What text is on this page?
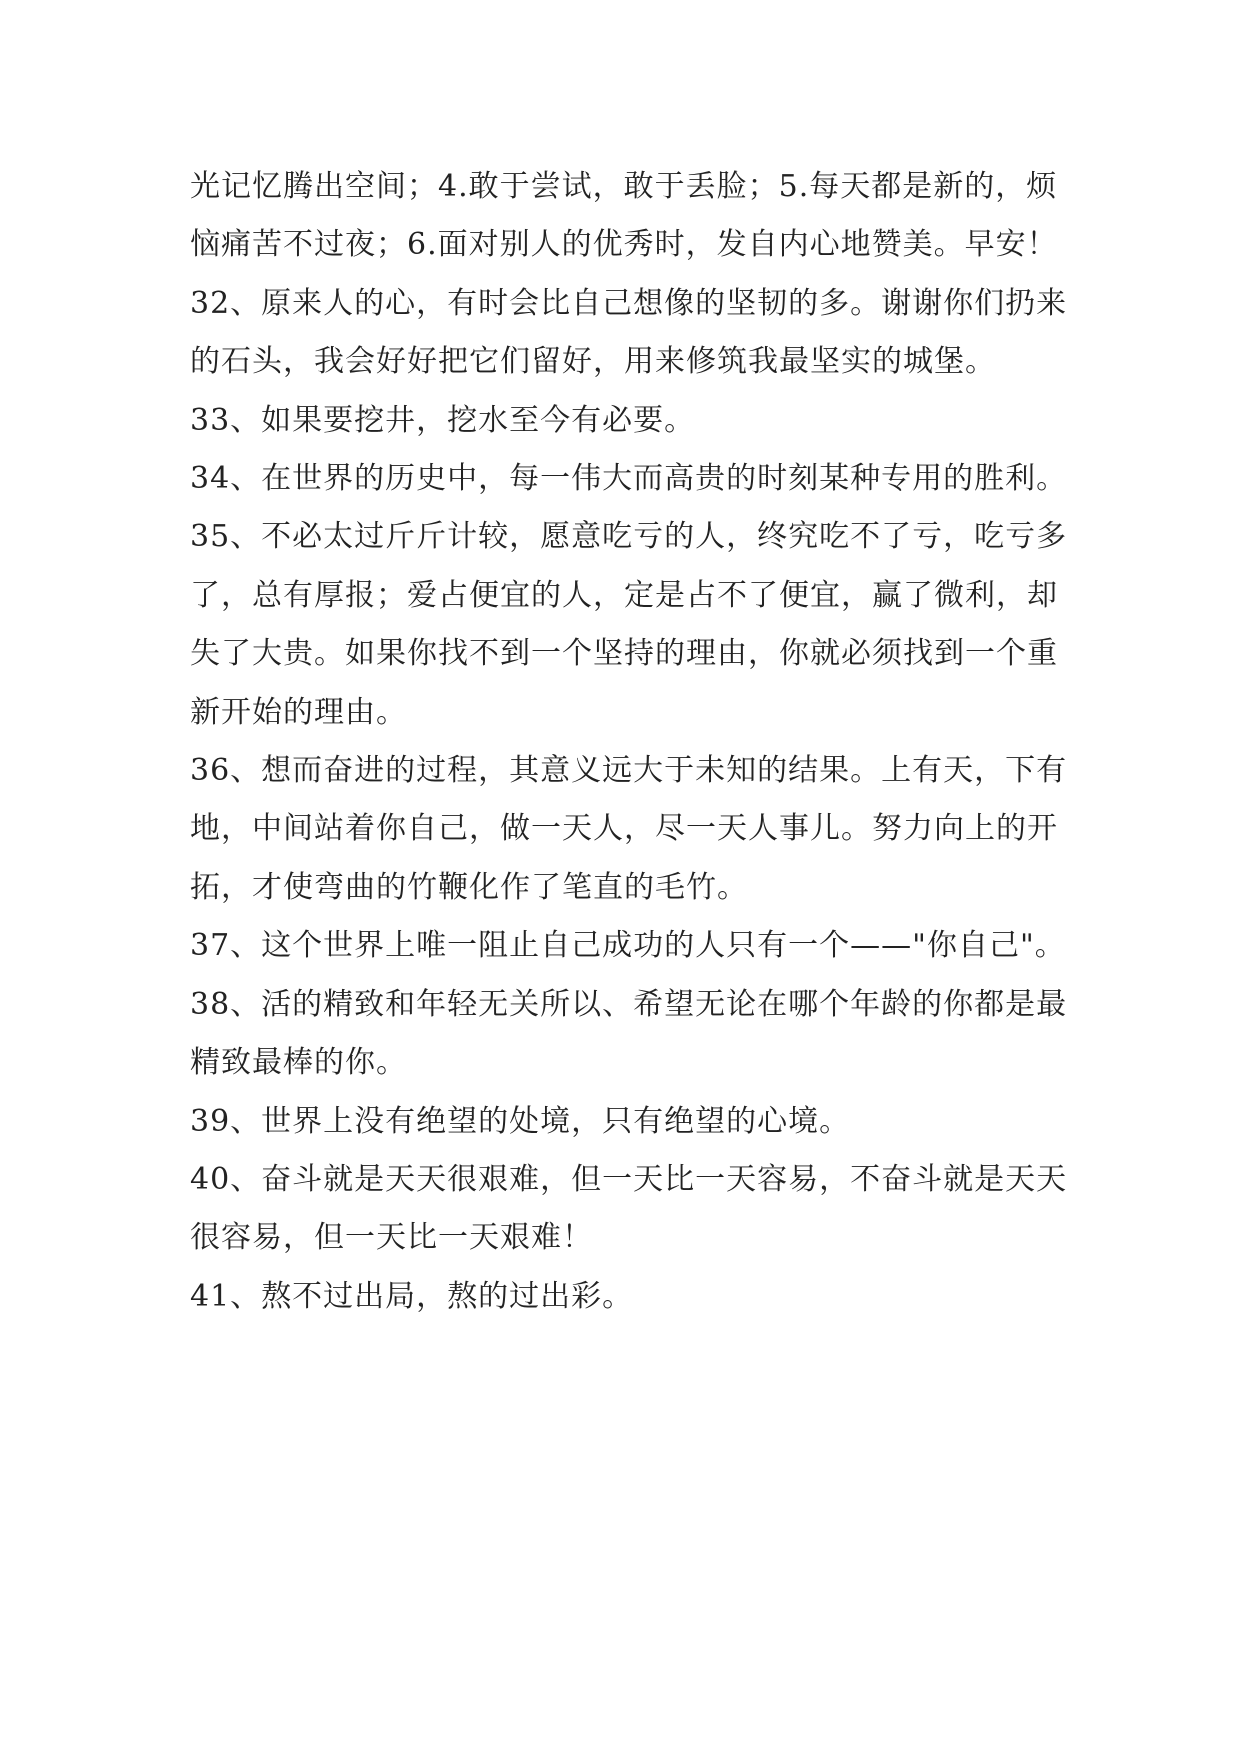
光记忆腾出空间；4.敢于尝试，敢于丢脸；5.每天都是新的，烦恼痛苦不过夜；6.面对别人的优秀时，发自内心地赞美。早安！

32、原来人的心，有时会比自己想像的坚韧的多。谢谢你们扔来的石头，我会好好把它们留好，用来修筑我最坚实的城堡。

33、如果要挖井，挖水至今有必要。

34、在世界的历史中，每一伟大而高贵的时刻某种专用的胜利。

35、不必太过斤斤计较，愿意吃亏的人，终究吃不了亏，吃亏多了，总有厚报；爱占便宜的人，定是占不了便宜，赢了微利，却失了大贵。如果你找不到一个坚持的理由，你就必须找到一个重新开始的理由。

36、想而奋进的过程，其意义远大于未知的结果。上有天，下有地，中间站着你自己，做一天人，尽一天人事儿。努力向上的开拓，才使弯曲的竹鞭化作了笔直的毛竹。

37、这个世界上唯一阻止自己成功的人只有一个——"你自己"。

38、活的精致和年轻无关所以、希望无论在哪个年龄的你都是最精致最棒的你。

39、世界上没有绝望的处境，只有绝望的心境。

40、奋斗就是天天很艰难，但一天比一天容易，不奋斗就是天天很容易，但一天比一天艰难！

41、熬不过出局，熬的过出彩。
